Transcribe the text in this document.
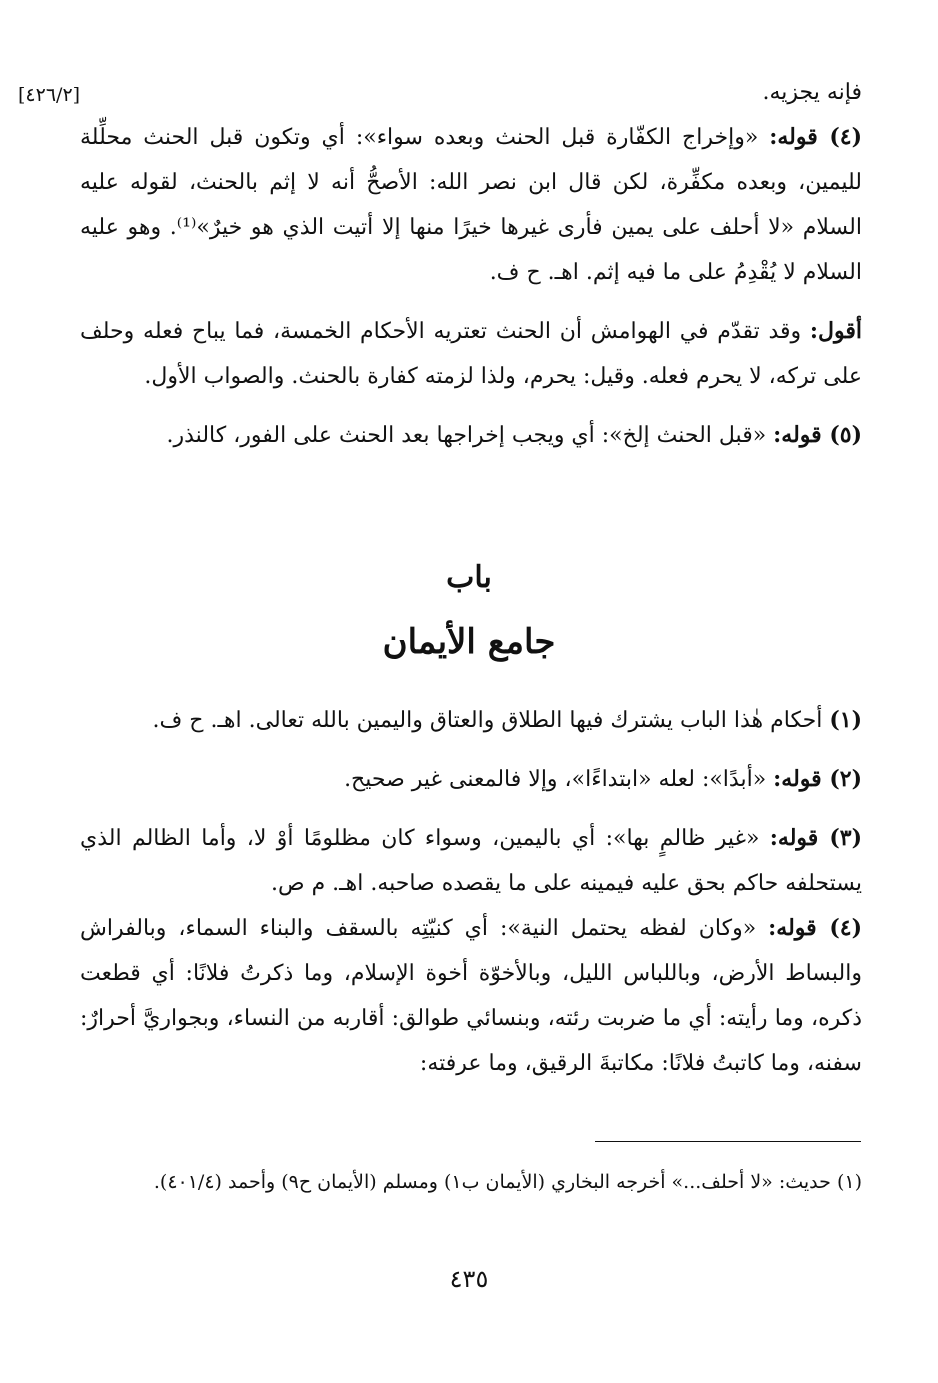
[٤٢٦/٢]	فإنه يجزيه.

(٤) قوله: «وإخراج الكفّارة قبل الحنث وبعده سواء»: أي وتكون قبل الحنث محلِّلة لليمين، وبعده مكفِّرة، لكن قال ابن نصر الله: الأصحُّ أنه لا إثم بالحنث، لقوله عليه السلام «لا أحلف على يمين فأرى غيرها خيرًا منها إلا أتيت الذي هو خيرٌ»⁽¹⁾. وهو عليه السلام لا يُقْدِمُ على ما فيه إثم. اهـ. ح ف.

أقول: وقد تقدّم في الهوامش أن الحنث تعتريه الأحكام الخمسة، فما يباح فعله وحلف على تركه، لا يحرم فعله. وقيل: يحرم، ولذا لزمته كفارة بالحنث. والصواب الأول.

(٥) قوله: «قبل الحنث إلخ»: أي ويجب إخراجها بعد الحنث على الفور، كالنذر.

باب
جامع الأيمان

(١) أحكام هٰذا الباب يشترك فيها الطلاق والعتاق واليمين بالله تعالى. اهـ. ح ف.

(٢) قوله: «أبدًا»: لعله «ابتداءًا»، وإلا فالمعنى غير صحيح.

(٣) قوله: «غير ظالمٍ بها»: أي باليمين، وسواء كان مظلومًا أوْ لا، وأما الظالم الذي يستحلفه حاكم بحق عليه فيمينه على ما يقصده صاحبه. اهـ. م ص.

(٤) قوله: «وكان لفظه يحتمل النية»: أي كنيّتِه بالسقف والبناء السماء، وبالفراش والبساط الأرض، وباللباس الليل، وبالأخوّة أخوة الإسلام، وما ذكرتُ فلانًا: أي قطعت ذكره، وما رأيته: أي ما ضربت رئته، وبنسائي طوالق: أقاربه من النساء، وبجواريَّ أحرارٌ: سفنه، وما كاتبتُ فلانًا: مكاتبةَ الرقيق، وما عرفته:

(١) حديث: «لا أحلف...» أخرجه البخاري (الأيمان ب١) ومسلم (الأيمان ح٩) وأحمد (٤٠١/٤).

٤٣٥
